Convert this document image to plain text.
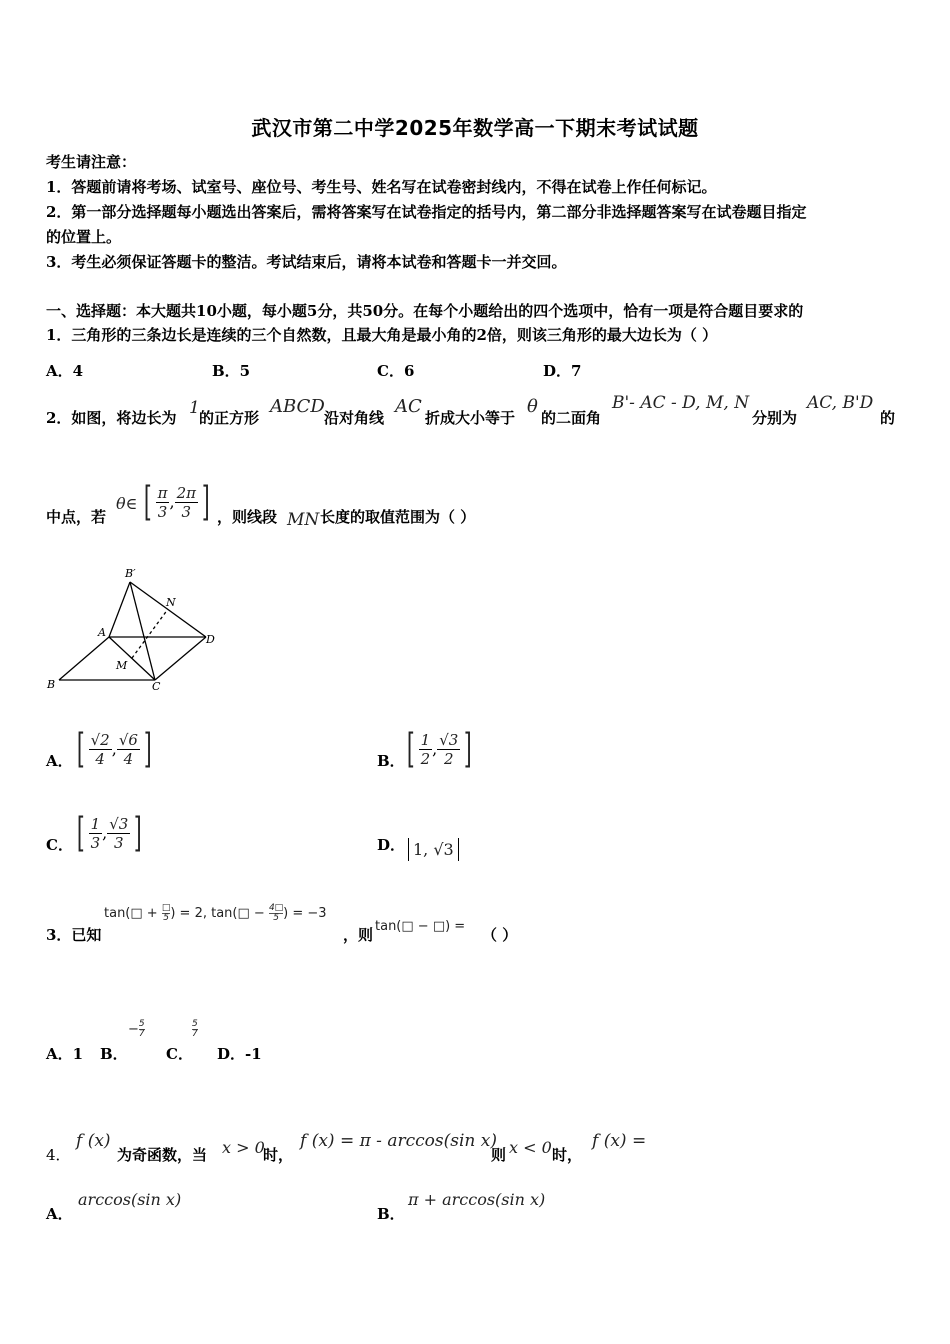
武汉市第二中学2025年数学高一下期末考试试题
考生请注意：
1．答题前请将考场、试室号、座位号、考生号、姓名写在试卷密封线内，不得在试卷上作任何标记。
2．第一部分选择题每小题选出答案后，需将答案写在试卷指定的括号内，第二部分非选择题答案写在试卷题目指定
的位置上。
3．考生必须保证答题卡的整洁。考试结束后，请将本试卷和答题卡一并交回。
一、选择题：本大题共10小题，每小题5分，共50分。在每个小题给出的四个选项中，恰有一项是符合题目要求的
1．三角形的三条边长是连续的三个自然数，且最大角是最小角的2倍，则该三角形的最大边长为（ ）
A．4	B．5	C．6	D．7
2．如图，将边长为 1 的正方形
ABCD
沿对角线
AC
折成大小等于
θ
的二面角
B'- AC - D, M, N
分别为
AC, B'D
的
中点，若
θ∈ [ $\frac{\pi}{3}$ , $\frac{2\pi}{3}$ ] ，则线段 MN 长度的取值范围为（ ）
B′
N
A
D
M
B	C
A． [ $\frac{√2}{4}$ , $\frac{√6}{4}$ ]	B． [ $\frac{1}{2}$ , $\frac{√3}{2}$ ]
C． [ $\frac{1}{3}$ , $\frac{√3}{3}$ ]	D． 1, √3
tan(□ + $\frac{□}{5}) = 2$, tan(□ − $\frac{4□}{5}) = -3$
3．已知	，则 tan(□ − □) = （ ）
A．1 B．
− $\frac{5}{7}$
C．
$\frac{5}{7}$
D．-1
4．
f (x)
为奇函数，当 x > 0
时，
f (x) = π - arccos(sin x)
则 x < 0 时，
f (x) =
A．
arccos(sin x)
B．
π + arccos(sin x)
